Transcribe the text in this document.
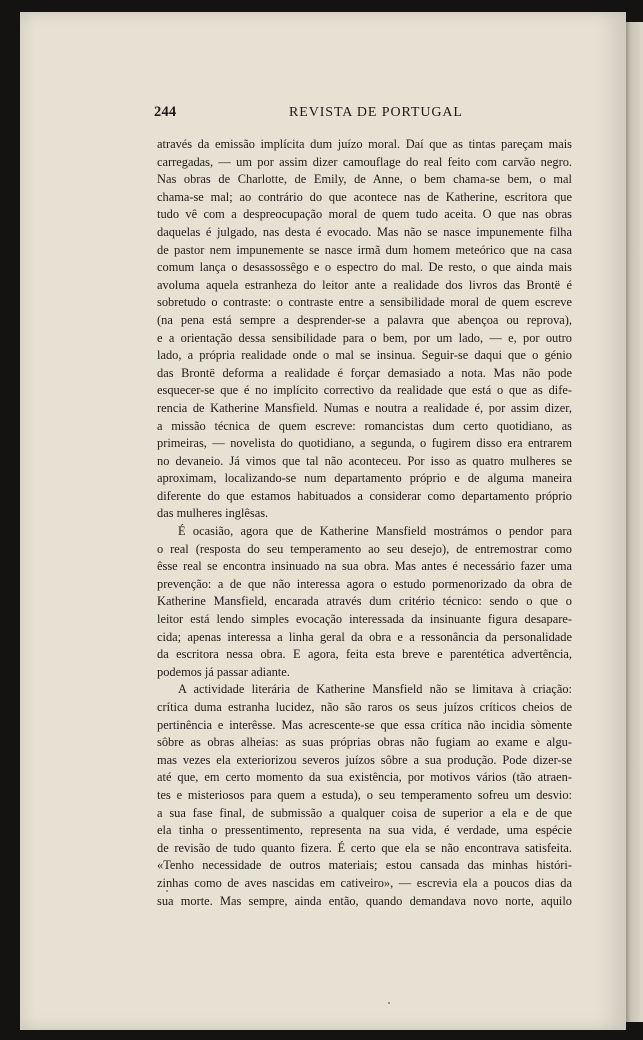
244	REVISTA DE PORTUGAL
através da emissão implícita dum juízo moral. Daí que as tintas pareçam mais
carregadas, — um por assim dizer camouflage do real feito com carvão negro.
Nas obras de Charlotte, de Emily, de Anne, o bem chama-se bem, o mal
chama-se mal; ao contrário do que acontece nas de Katherine, escritora que
tudo vê com a despreocupação moral de quem tudo aceita. O que nas obras
daquelas é julgado, nas desta é evocado. Mas não se nasce impunemente filha
de pastor nem impunemente se nasce irmã dum homem meteórico que na casa
comum lança o desassossêgo e o espectro do mal. De resto, o que ainda mais
avoluma aquela estranheza do leitor ante a realidade dos livros das Brontë é
sobretudo o contraste: o contraste entre a sensibilidade moral de quem escreve
(na pena está sempre a desprender-se a palavra que abençoa ou reprova),
e a orientação dessa sensibilidade para o bem, por um lado, — e, por outro
lado, a própria realidade onde o mal se insinua. Seguir-se daqui que o génio
das Brontë deforma a realidade é forçar demasiado a nota. Mas não pode
esquecer-se que é no implícito correctivo da realidade que está o que as dife-
rencia de Katherine Mansfield. Numas e noutra a realidade é, por assim dizer,
a missão técnica de quem escreve: romancistas dum certo quotidiano, as
primeiras, — novelista do quotidiano, a segunda, o fugirem disso era entrarem
no devaneio. Já vimos que tal não aconteceu. Por isso as quatro mulheres se
aproximam, localizando-se num departamento próprio e de alguma maneira
diferente do que estamos habituados a considerar como departamento próprio
das mulheres inglêsas.
É ocasião, agora que de Katherine Mansfield mostrámos o pendor para
o real (resposta do seu temperamento ao seu desejo), de entremostrar como
êsse real se encontra insinuado na sua obra. Mas antes é necessário fazer uma
prevenção: a de que não interessa agora o estudo pormenorizado da obra de
Katherine Mansfield, encarada através dum critério técnico: sendo o que o
leitor está lendo simples evocação interessada da insinuante figura desapare-
cida; apenas interessa a linha geral da obra e a ressonância da personalidade
da escritora nessa obra. E agora, feita esta breve e parentética advertência,
podemos já passar adiante.
A actividade literária de Katherine Mansfield não se limitava à criação:
crítica duma estranha lucidez, não são raros os seus juízos críticos cheios de
pertinência e interêsse. Mas acrescente-se que essa crítica não incidia sòmente
sôbre as obras alheias: as suas próprias obras não fugiam ao exame e algu-
mas vezes ela exteriorizou severos juízos sôbre a sua produção. Pode dizer-se
até que, em certo momento da sua existência, por motivos vários (tão atraen-
tes e misteriosos para quem a estuda), o seu temperamento sofreu um desvio:
a sua fase final, de submissão a qualquer coisa de superior a ela e de que
ela tinha o pressentimento, representa na sua vida, é verdade, uma espécie
de revisão de tudo quanto fizera. É certo que ela se não encontrava satisfeita.
«Tenho necessidade de outros materiais; estou cansada das minhas históri-
zinhas como de aves nascidas em cativeiro», — escrevia ela a poucos dias da
sua morte. Mas sempre, ainda então, quando demandava novo norte, aquilo
